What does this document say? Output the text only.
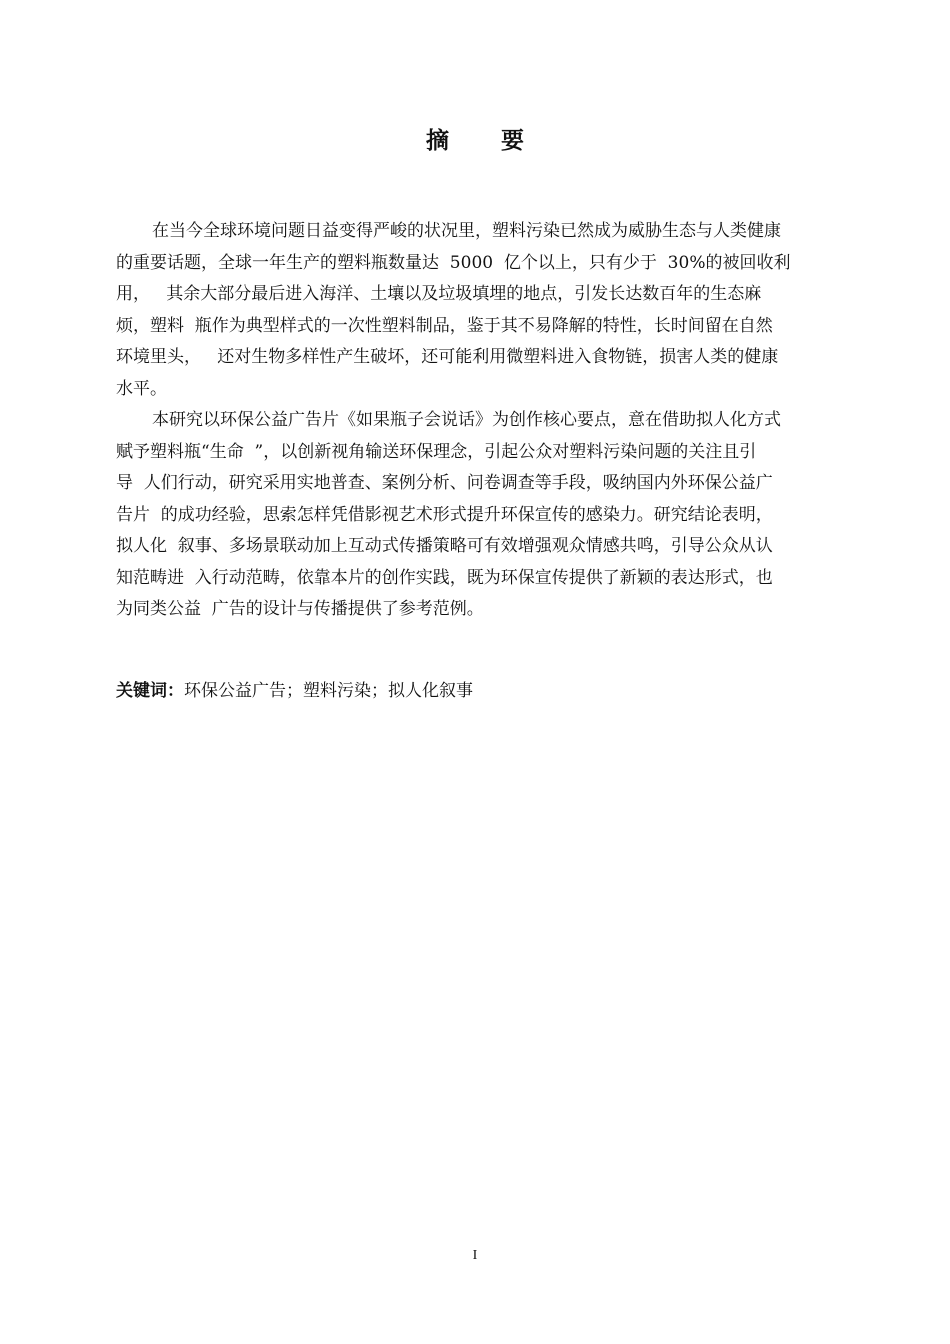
摘 要
在当今全球环境问题日益变得严峻的状况里，塑料污染已然成为威胁生态与人类健康
的重要话题，全球一年生产的塑料瓶数量达  5000  亿个以上，只有少于  30%的被回收利
用，   其余大部分最后进入海洋、土壤以及垃圾填埋的地点，引发长达数百年的生态麻
烦，塑料  瓶作为典型样式的一次性塑料制品，鉴于其不易降解的特性，长时间留在自然
环境里头，   还对生物多样性产生破坏，还可能利用微塑料进入食物链，损害人类的健康
水平。
本研究以环保公益广告片《如果瓶子会说话》为创作核心要点，意在借助拟人化方式
赋予塑料瓶“生命  ”，以创新视角输送环保理念，引起公众对塑料污染问题的关注且引
导  人们行动，研究采用实地普查、案例分析、问卷调查等手段，吸纳国内外环保公益广
告片  的成功经验，思索怎样凭借影视艺术形式提升环保宣传的感染力。研究结论表明，
拟人化  叙事、多场景联动加上互动式传播策略可有效增强观众情感共鸣，引导公众从认
知范畴进  入行动范畴，依靠本片的创作实践，既为环保宣传提供了新颖的表达形式，也
为同类公益  广告的设计与传播提供了参考范例。
关键词：环保公益广告；塑料污染；拟人化叙事
I
